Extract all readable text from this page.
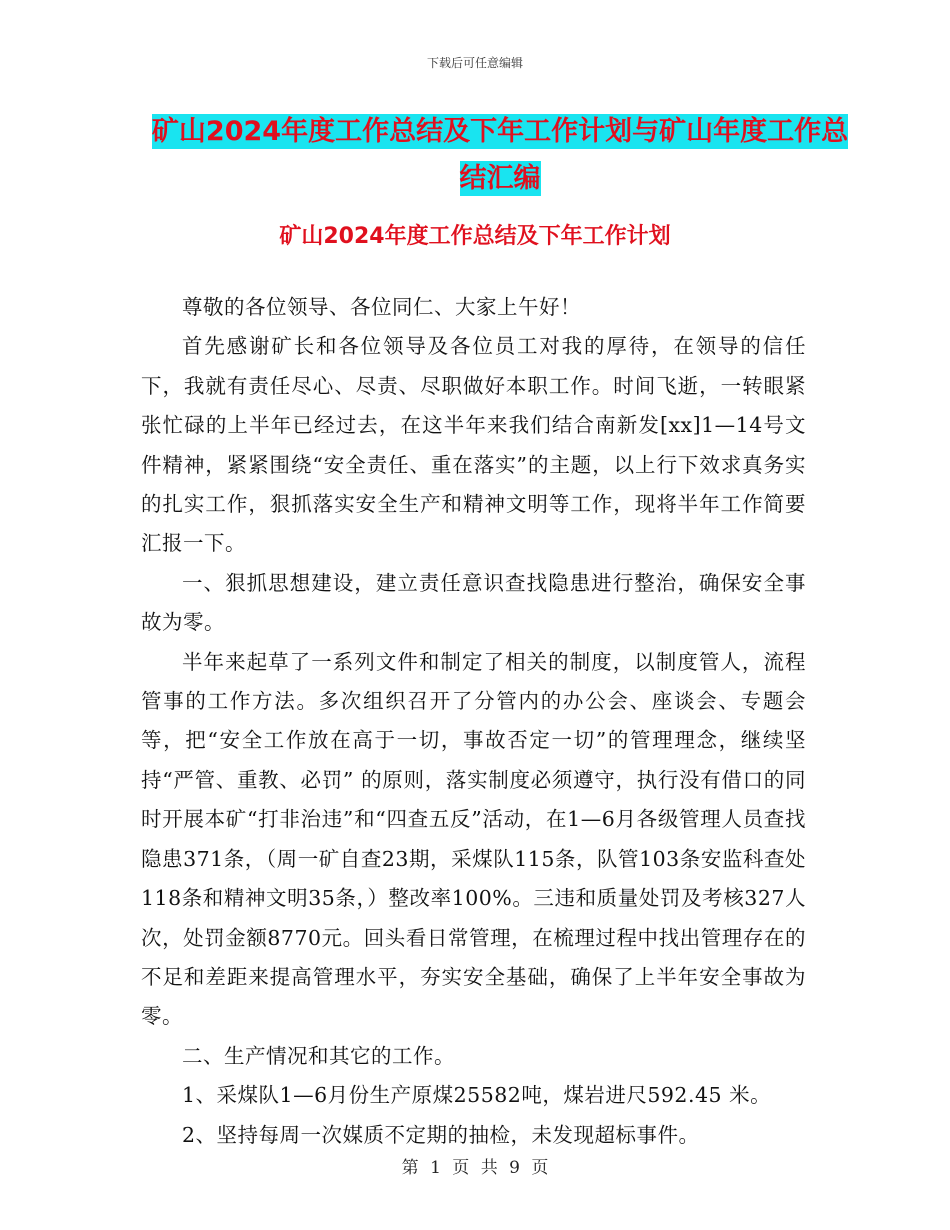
下载后可任意编辑
矿山2024年度工作总结及下年工作计划与矿山年度工作总结汇编
矿山2024年度工作总结及下年工作计划

尊敬的各位领导、各位同仁、大家上午好！

首先感谢矿长和各位领导及各位员工对我的厚待，在领导的信任下，我就有责任尽心、尽责、尽职做好本职工作。时间飞逝，一转眼紧张忙碌的上半年已经过去，在这半年来我们结合南新发[xx]1—14号文件精神，紧紧围绕“安全责任、重在落实”的主题，以上行下效求真务实的扎实工作，狠抓落实安全生产和精神文明等工作，现将半年工作简要汇报一下。

一、狠抓思想建设，建立责任意识查找隐患进行整治，确保安全事故为零。

半年来起草了一系列文件和制定了相关的制度，以制度管人，流程管事的工作方法。多次组织召开了分管内的办公会、座谈会、专题会等，把“安全工作放在高于一切，事故否定一切”的管理理念，继续坚持“严管、重教、必罚” 的原则，落实制度必须遵守，执行没有借口的同时开展本矿“打非治违”和“四查五反”活动，在1—6月各级管理人员查找隐患371条，（周一矿自查23期，采煤队115条，队管103条安监科查处118条和精神文明35条，）整改率100%。三违和质量处罚及考核327人次，处罚金额8770元。回头看日常管理，在梳理过程中找出管理存在的不足和差距来提高管理水平，夯实安全基础，确保了上半年安全事故为零。

二、生产情况和其它的工作。

1、采煤队1—6月份生产原煤25582吨，煤岩进尺592.45 米。

2、坚持每周一次媒质不定期的抽检，未发现超标事件。

第 1 页 共 9 页
